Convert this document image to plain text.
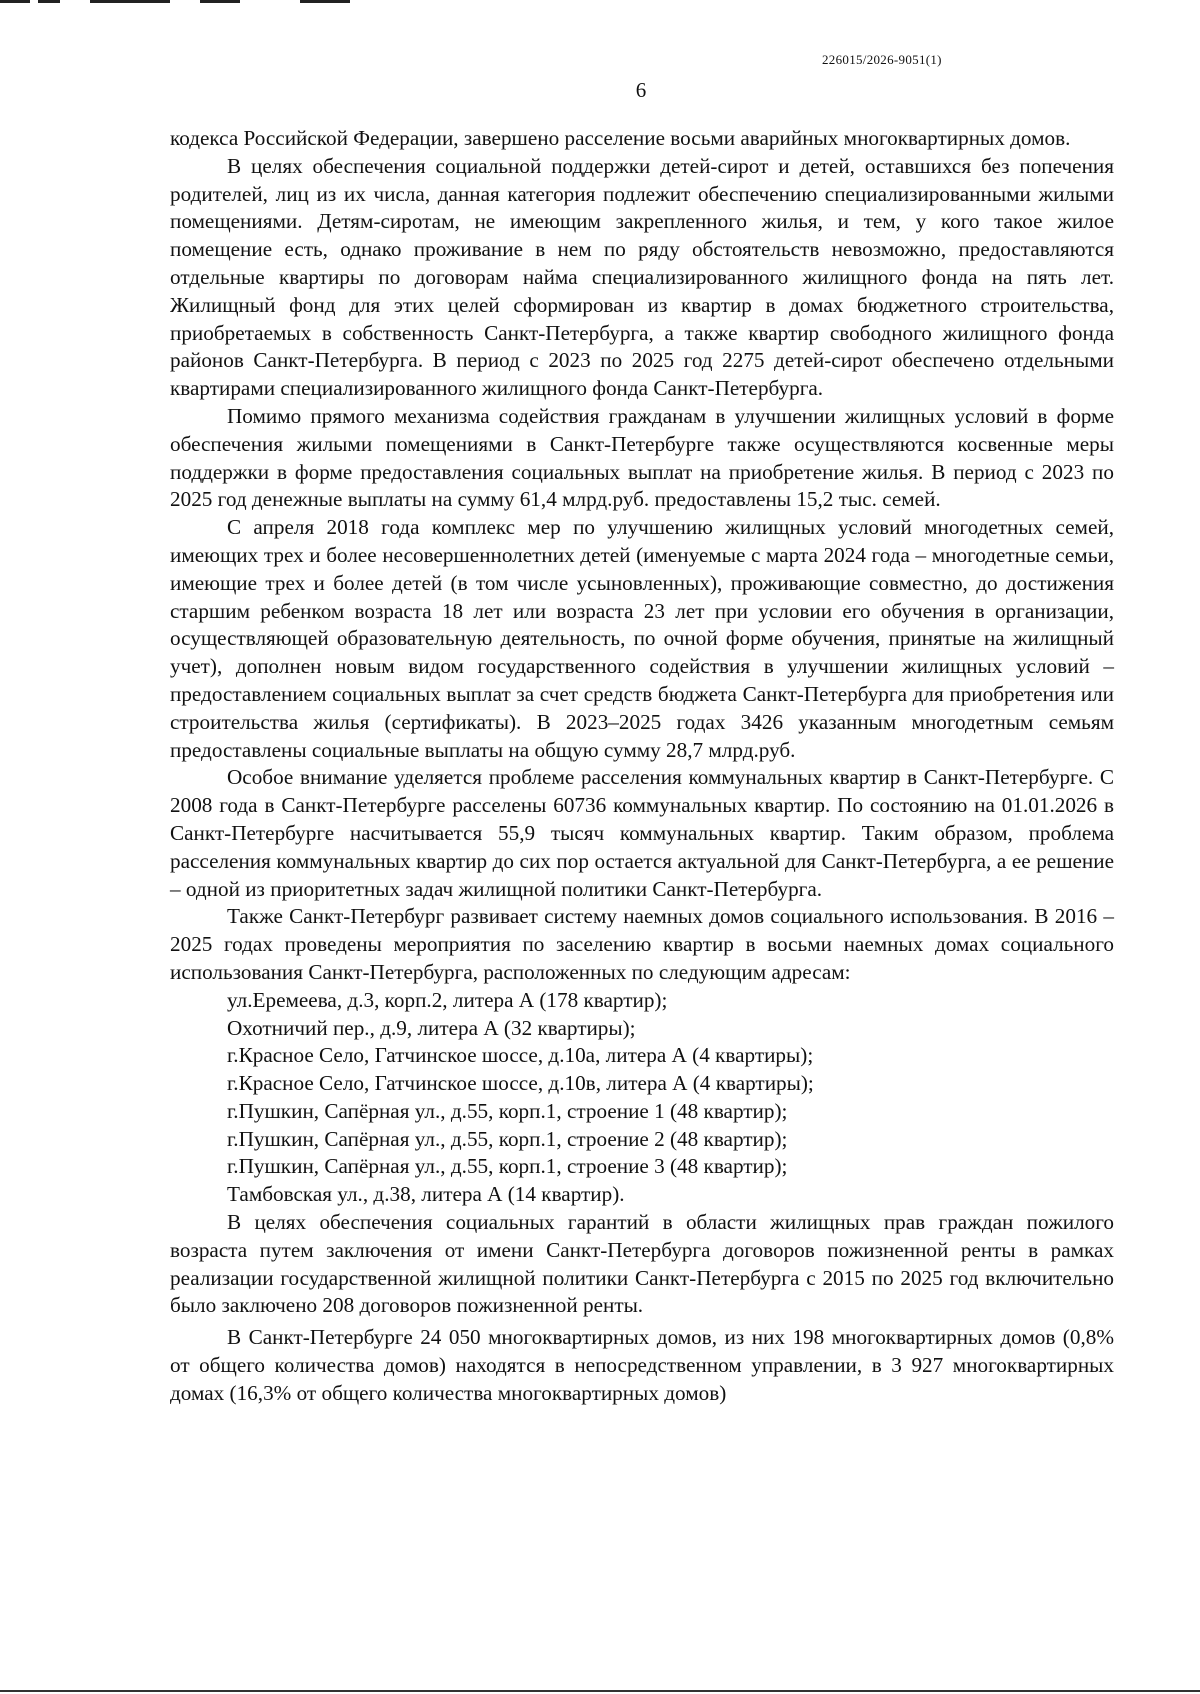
226015/2026-9051(1)
6

кодекса Российской Федерации, завершено расселение восьми аварийных многоквартирных домов.

В целях обеспечения социальной поддержки детей-сирот и детей, оставшихся без попечения родителей, лиц из их числа, данная категория подлежит обеспечению специализированными жилыми помещениями. Детям-сиротам, не имеющим закрепленного жилья, и тем, у кого такое жилое помещение есть, однако проживание в нем по ряду обстоятельств невозможно, предоставляются отдельные квартиры по договорам найма специализированного жилищного фонда на пять лет. Жилищный фонд для этих целей сформирован из квартир в домах бюджетного строительства, приобретаемых в собственность Санкт-Петербурга, а также квартир свободного жилищного фонда районов Санкт-Петербурга. В период с 2023 по 2025 год 2275 детей-сирот обеспечено отдельными квартирами специализированного жилищного фонда Санкт-Петербурга.

Помимо прямого механизма содействия гражданам в улучшении жилищных условий в форме обеспечения жилыми помещениями в Санкт-Петербурге также осуществляются косвенные меры поддержки в форме предоставления социальных выплат на приобретение жилья. В период с 2023 по 2025 год денежные выплаты на сумму 61,4 млрд.руб. предоставлены 15,2 тыс. семей.

С апреля 2018 года комплекс мер по улучшению жилищных условий многодетных семей, имеющих трех и более несовершеннолетних детей (именуемые с марта 2024 года – многодетные семьи, имеющие трех и более детей (в том числе усыновленных), проживающие совместно, до достижения старшим ребенком возраста 18 лет или возраста 23 лет при условии его обучения в организации, осуществляющей образовательную деятельность, по очной форме обучения, принятые на жилищный учет), дополнен новым видом государственного содействия в улучшении жилищных условий – предоставлением социальных выплат за счет средств бюджета Санкт-Петербурга для приобретения или строительства жилья (сертификаты). В 2023–2025 годах 3426 указанным многодетным семьям предоставлены социальные выплаты на общую сумму 28,7 млрд.руб.

Особое внимание уделяется проблеме расселения коммунальных квартир в Санкт-Петербурге. С 2008 года в Санкт-Петербурге расселены 60736 коммунальных квартир. По состоянию на 01.01.2026 в Санкт-Петербурге насчитывается 55,9 тысяч коммунальных квартир. Таким образом, проблема расселения коммунальных квартир до сих пор остается актуальной для Санкт-Петербурга, а ее решение – одной из приоритетных задач жилищной политики Санкт-Петербурга.

Также Санкт-Петербург развивает систему наемных домов социального использования. В 2016 – 2025 годах проведены мероприятия по заселению квартир в восьми наемных домах социального использования Санкт-Петербурга, расположенных по следующим адресам:

ул.Еремеева, д.3, корп.2, литера А (178 квартир);
Охотничий пер., д.9, литера А (32 квартиры);
г.Красное Село, Гатчинское шоссе, д.10а, литера А (4 квартиры);
г.Красное Село, Гатчинское шоссе, д.10в, литера А (4 квартиры);
г.Пушкин, Сапёрная ул., д.55, корп.1, строение 1 (48 квартир);
г.Пушкин, Сапёрная ул., д.55, корп.1, строение 2 (48 квартир);
г.Пушкин, Сапёрная ул., д.55, корп.1, строение 3 (48 квартир);
Тамбовская ул., д.38, литера А (14 квартир).

В целях обеспечения социальных гарантий в области жилищных прав граждан пожилого возраста путем заключения от имени Санкт-Петербурга договоров пожизненной ренты в рамках реализации государственной жилищной политики Санкт-Петербурга с 2015 по 2025 год включительно было заключено 208 договоров пожизненной ренты.

В Санкт-Петербурге 24 050 многоквартирных домов, из них 198 многоквартирных домов (0,8% от общего количества домов) находятся в непосредственном управлении, в 3 927 многоквартирных домах (16,3% от общего количества многоквартирных домов)
